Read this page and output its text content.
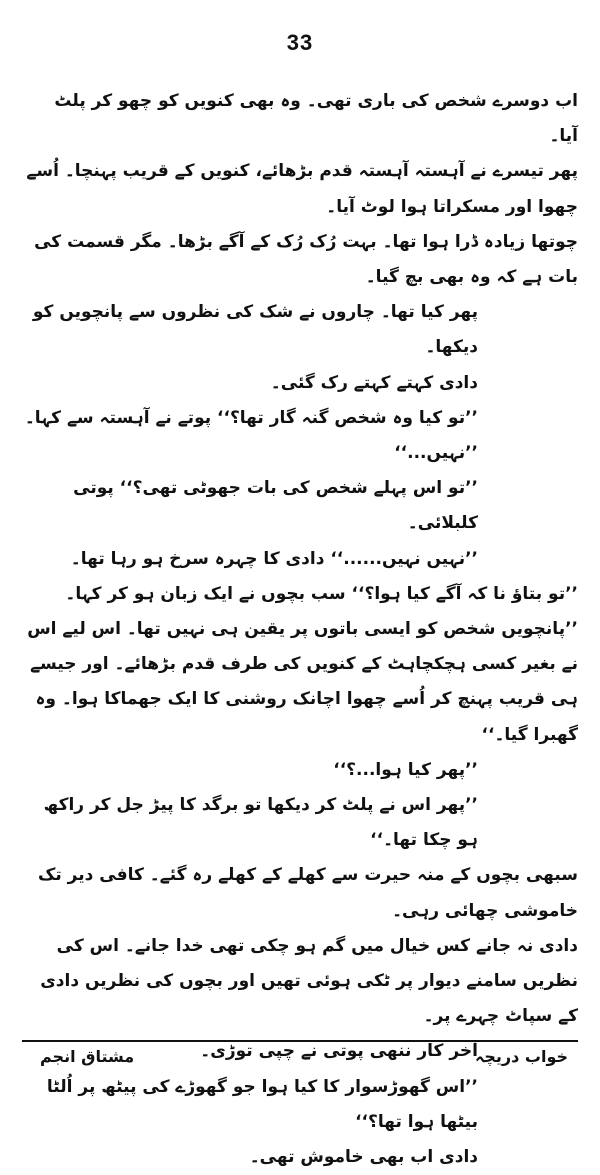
33

اب دوسرے شخص کی باری تھی۔ وہ بھی کنویں کو چھو کر پلٹ آیا۔

پھر تیسرے نے آہستہ آہستہ قدم بڑھائے، کنویں کے قریب پہنچا۔ اُسے چھوا اور مسکراتا ہوا لوٹ آیا۔

چوتھا زیادہ ڈرا ہوا تھا۔ بہت رُک رُک کے آگے بڑھا۔ مگر قسمت کی بات ہے کہ وہ بھی بچ گیا۔

پھر کیا تھا۔ چاروں نے شک کی نظروں سے پانچویں کو دیکھا۔

دادی کہتے کہتے رک گئی۔

’’تو کیا وہ شخص گنہ گار تھا؟‘‘ پوتے نے آہستہ سے کہا۔

’’نہیں...‘‘

’’تو اس پہلے شخص کی بات جھوٹی تھی؟‘‘ پوتی کلبلائی۔

’’نہیں نہیں......‘‘ دادی کا چہرہ سرخ ہو رہا تھا۔

’’تو بتاؤ نا کہ آگے کیا ہوا؟‘‘ سب بچوں نے ایک زبان ہو کر کہا۔

’’پانچویں شخص کو ایسی باتوں پر یقین ہی نہیں تھا۔ اس لیے اس نے بغیر کسی ہچکچاہٹ کے کنویں کی طرف قدم بڑھائے۔ اور جیسے ہی قریب پہنچ کر اُسے چھوا اچانک روشنی کا ایک جھماکا ہوا۔ وہ گھبرا گیا۔‘‘

’’پھر کیا ہوا...؟‘‘

’’پھر اس نے پلٹ کر دیکھا تو برگد کا پیڑ جل کر راکھ ہو چکا تھا۔‘‘

سبھی بچوں کے منہ حیرت سے کھلے کے کھلے رہ گئے۔ کافی دیر تک خاموشی چھائی رہی۔

دادی نہ جانے کس خیال میں گم ہو چکی تھی خدا جانے۔ اس کی نظریں سامنے دیوار پر ٹکی ہوئی تھیں اور بچوں کی نظریں دادی کے سپاٹ چہرے پر۔

آخر کار ننھی پوتی نے چپی توڑی۔

’’اس گھوڑسوار کا کیا ہوا جو گھوڑے کی پیٹھ پر اُلٹا بیٹھا ہوا تھا؟‘‘

دادی اب بھی خاموش تھی۔

خواب دریچہ
مشتاق انجم
